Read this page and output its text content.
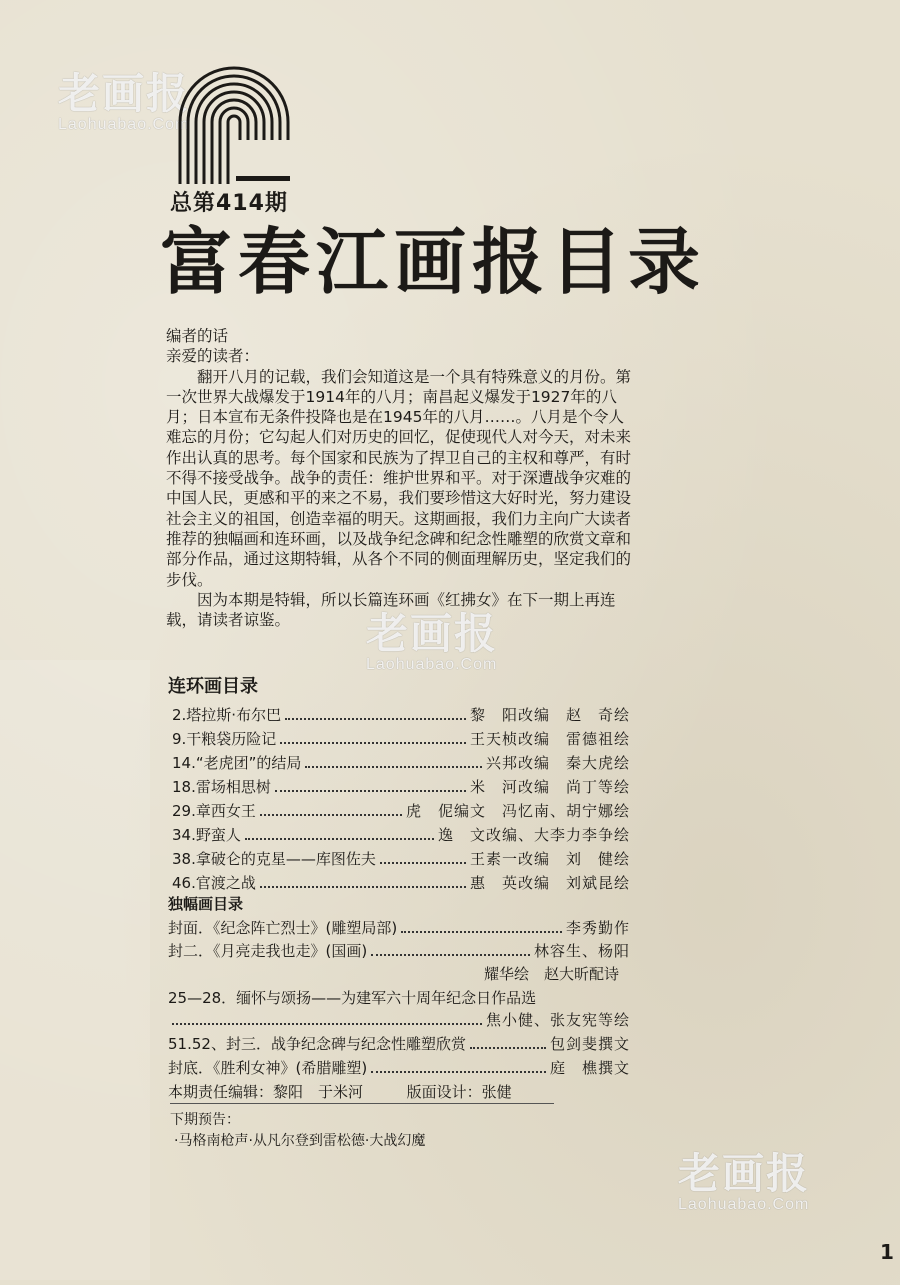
老画报
Laohuabao.Com
老画报
Laohuabao.Com
老画报
Laohuabao.Com
总第414期
富春江画报目录

编者的话

亲爱的读者：

翻开八月的记载，我们会知道这是一个具有特殊意义的月份。第一次世界大战爆发于1914年的八月；南昌起义爆发于1927年的八月；日本宣布无条件投降也是在1945年的八月……。八月是个令人难忘的月份；它勾起人们对历史的回忆，促使现代人对今天，对未来作出认真的思考。每个国家和民族为了捍卫自己的主权和尊严，有时不得不接受战争。战争的责任：维护世界和平。对于深遭战争灾难的中国人民，更感和平的来之不易，我们要珍惜这大好时光，努力建设社会主义的祖国，创造幸福的明天。这期画报，我们力主向广大读者推荐的独幅画和连环画，以及战争纪念碑和纪念性雕塑的欣赏文章和部分作品，通过这期特辑，从各个不同的侧面理解历史，坚定我们的步伐。

因为本期是特辑，所以长篇连环画《红拂女》在下一期上再连载，请读者谅鉴。

连环画目录
2.塔拉斯·布尔巴	黎　阳改编　赵　奇绘
9.干粮袋历险记	王天桢改编　雷德祖绘
14.“老虎团”的结局	兴邦改编　秦大虎绘
18.雷场相思树	米　河改编　尚丁等绘
29.章西女王	虎　伲编文　冯忆南、胡宁娜绘
34.野蛮人	逸　文改编、大李力李争绘
38.拿破仑的克星——库图佐夫	王素一改编　刘　健绘
46.官渡之战	惠　英改编　刘斌昆绘
独幅画目录
封面．《纪念阵亡烈士》(雕塑局部)	李秀勤作
封二．《月亮走我也走》(国画)	林容生、杨阳
耀华绘　赵大昕配诗
25—28．缅怀与颂扬——为建军六十周年纪念日作品选
焦小健、张友宪等绘
51.52、封三．战争纪念碑与纪念性雕塑欣赏	包剑斐撰文
封底．《胜利女神》(希腊雕塑)	庭　樵撰文
本期责任编辑：黎阳　于米河	版面设计：张健
下期预告：
·马格南枪声·从凡尔登到雷松德·大战幻魔
1
